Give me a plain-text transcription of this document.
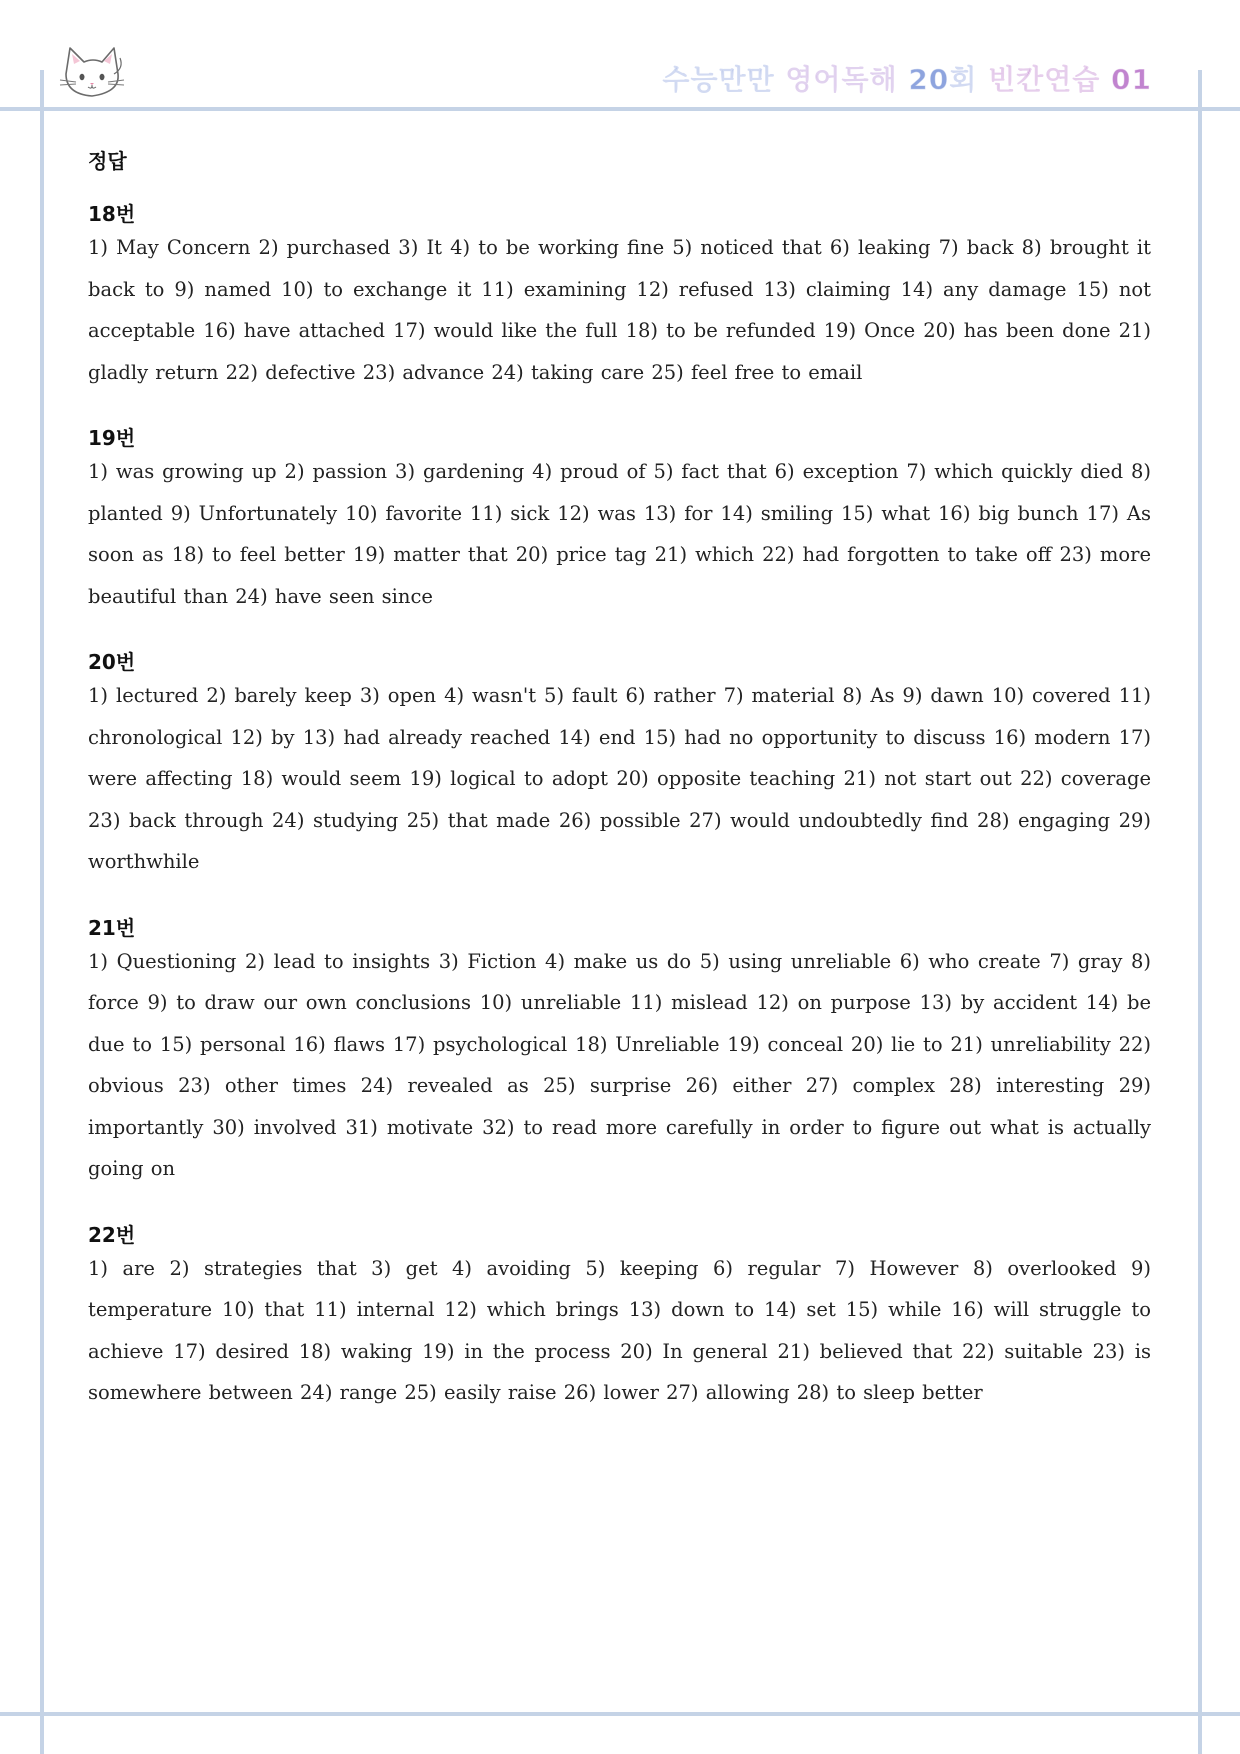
수능만만 영어독해 20회 빈칸연습 01
정답

18번

1) May Concern 2) purchased 3) It 4) to be working fine 5) noticed that 6) leaking 7) back 8) brought it back to 9) named 10) to exchange it 11) examining 12) refused 13) claiming 14) any damage 15) not acceptable 16) have attached 17) would like the full 18) to be refunded 19) Once 20) has been done 21) gladly return 22) defective 23) advance 24) taking care 25) feel free to email

19번

1) was growing up 2) passion 3) gardening 4) proud of 5) fact that 6) exception 7) which quickly died 8) planted 9) Unfortunately 10) favorite 11) sick 12) was 13) for 14) smiling 15) what 16) big bunch 17) As soon as 18) to feel better 19) matter that 20) price tag 21) which 22) had forgotten to take off 23) more beautiful than 24) have seen since

20번

1) lectured 2) barely keep 3) open 4) wasn't 5) fault 6) rather 7) material 8) As 9) dawn 10) covered 11) chronological 12) by 13) had already reached 14) end 15) had no opportunity to discuss 16) modern 17) were affecting 18) would seem 19) logical to adopt 20) opposite teaching 21) not start out 22) coverage 23) back through 24) studying 25) that made 26) possible 27) would undoubtedly find 28) engaging 29) worthwhile

21번

1) Questioning 2) lead to insights 3) Fiction 4) make us do 5) using unreliable 6) who create 7) gray 8) force 9) to draw our own conclusions 10) unreliable 11) mislead 12) on purpose 13) by accident 14) be due to 15) personal 16) flaws 17) psychological 18) Unreliable 19) conceal 20) lie to 21) unreliability 22) obvious 23) other times 24) revealed as 25) surprise 26) either 27) complex 28) interesting 29) importantly 30) involved 31) motivate 32) to read more carefully in order to figure out what is actually going on

22번

1) are 2) strategies that 3) get 4) avoiding 5) keeping 6) regular 7) However 8) overlooked 9) temperature 10) that 11) internal 12) which brings 13) down to 14) set 15) while 16) will struggle to achieve 17) desired 18) waking 19) in the process 20) In general 21) believed that 22) suitable 23) is somewhere between 24) range 25) easily raise 26) lower 27) allowing 28) to sleep better
